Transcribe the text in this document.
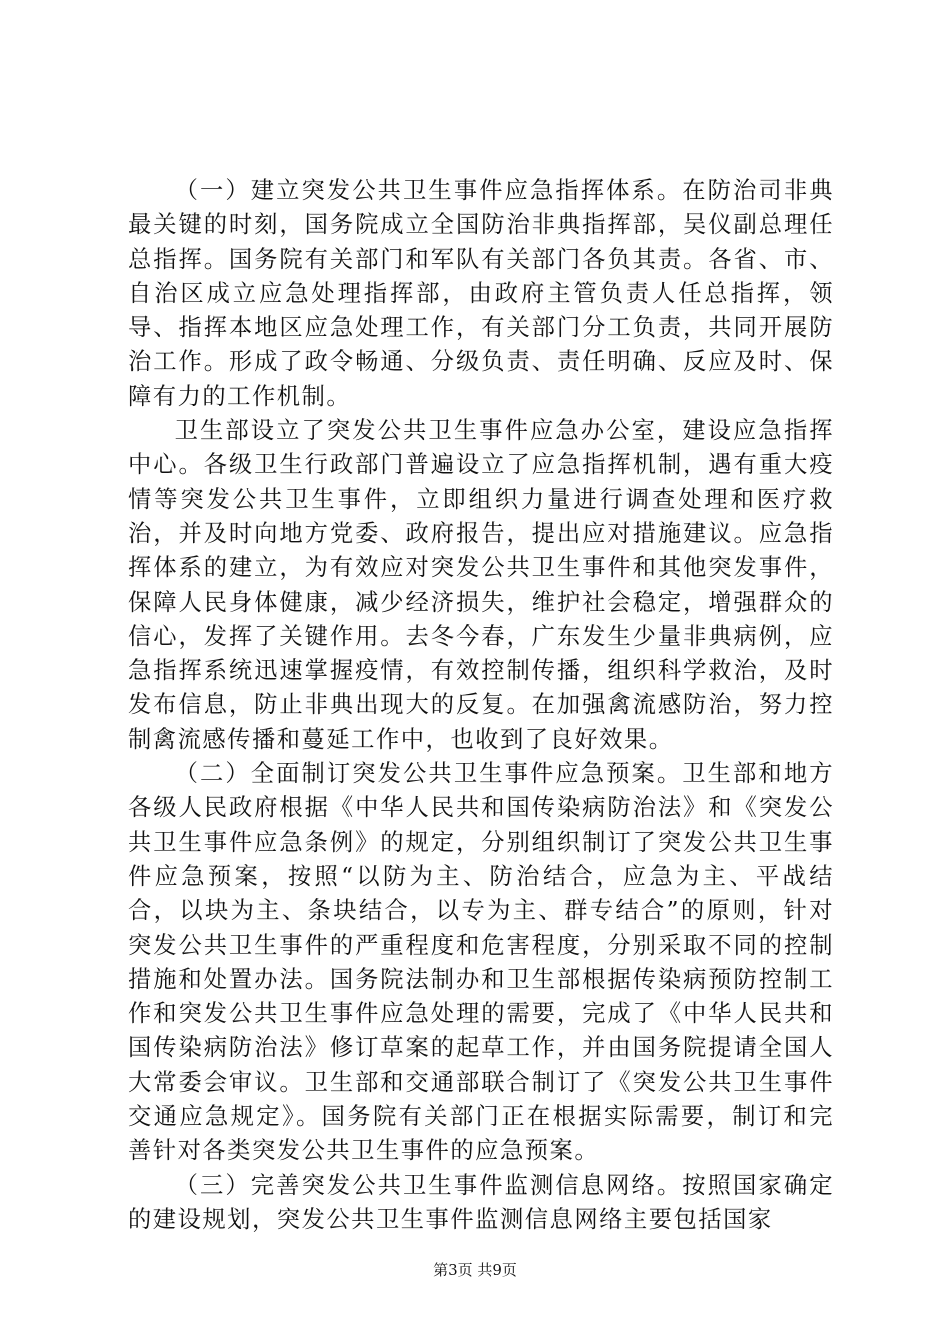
（一）建立突发公共卫生事件应急指挥体系。在防治司非典最关键的时刻，国务院成立全国防治非典指挥部，吴仪副总理任总指挥。国务院有关部门和军队有关部门各负其责。各省、市、自治区成立应急处理指挥部，由政府主管负责人任总指挥，领导、指挥本地区应急处理工作，有关部门分工负责，共同开展防治工作。形成了政令畅通、分级负责、责任明确、反应及时、保障有力的工作机制。

卫生部设立了突发公共卫生事件应急办公室，建设应急指挥中心。各级卫生行政部门普遍设立了应急指挥机制，遇有重大疫情等突发公共卫生事件，立即组织力量进行调查处理和医疗救治，并及时向地方党委、政府报告，提出应对措施建议。应急指挥体系的建立，为有效应对突发公共卫生事件和其他突发事件，保障人民身体健康，减少经济损失，维护社会稳定，增强群众的信心，发挥了关键作用。去冬今春，广东发生少量非典病例，应急指挥系统迅速掌握疫情，有效控制传播，组织科学救治，及时发布信息，防止非典出现大的反复。在加强禽流感防治，努力控制禽流感传播和蔓延工作中，也收到了良好效果。

（二）全面制订突发公共卫生事件应急预案。卫生部和地方各级人民政府根据《中华人民共和国传染病防治法》和《突发公共卫生事件应急条例》的规定，分别组织制订了突发公共卫生事件应急预案，按照“以防为主、防治结合，应急为主、平战结合，以块为主、条块结合，以专为主、群专结合”的原则，针对突发公共卫生事件的严重程度和危害程度，分别采取不同的控制措施和处置办法。国务院法制办和卫生部根据传染病预防控制工作和突发公共卫生事件应急处理的需要，完成了《中华人民共和国传染病防治法》修订草案的起草工作，并由国务院提请全国人大常委会审议。卫生部和交通部联合制订了《突发公共卫生事件交通应急规定》。国务院有关部门正在根据实际需要，制订和完善针对各类突发公共卫生事件的应急预案。

（三）完善突发公共卫生事件监测信息网络。按照国家确定的建设规划，突发公共卫生事件监测信息网络主要包括国家

第3页 共9页
